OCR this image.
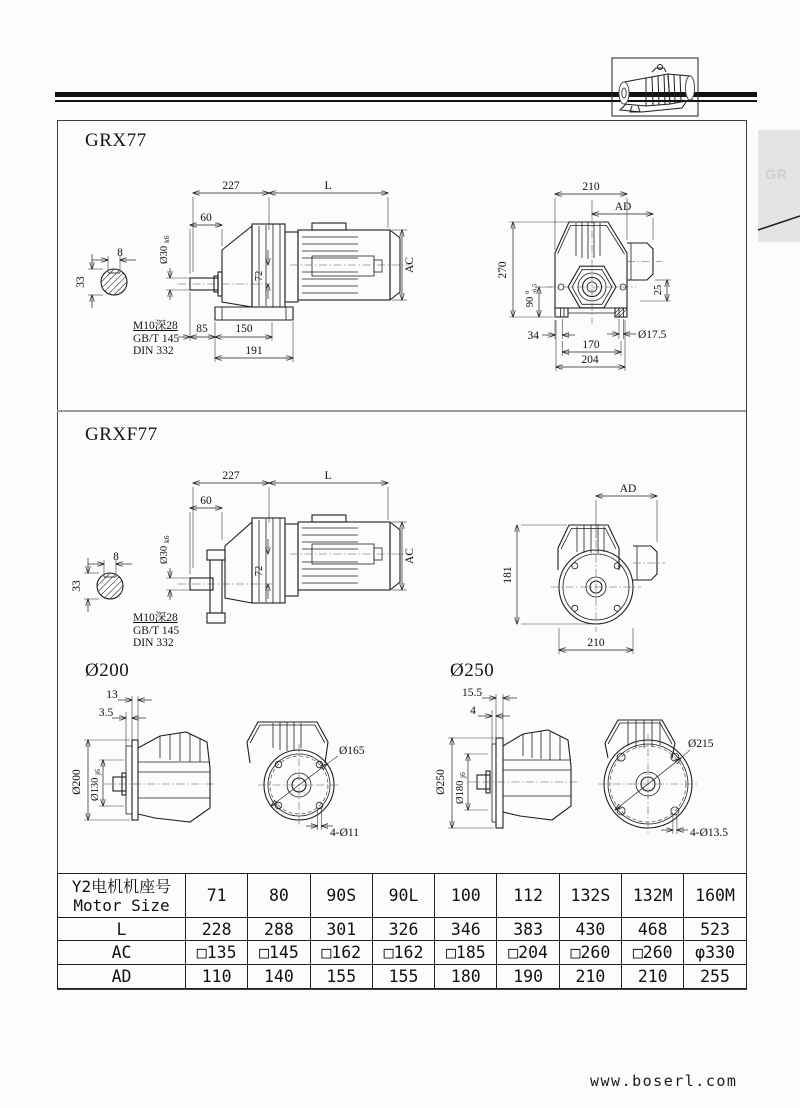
GR
GRX77
8
33
227	L
60
Ø30
k6
72
AC
85 150
191
M10深28
GB/T 145
DIN 332
210
AD
270
90
0 -0.5	25
34	Ø17.5
170
204
GRXF77
8
33
227	L
60
Ø30
k6
72
AC
M10深28
GB/T 145
DIN 332
AD
181
210
Ø200
13
3.5
Ø200 Ø130
j6
Ø165
4-Ø11
Ø250
15.5
4
Ø250 Ø180
j6
Ø215
4-Ø13.5
Y2电机机座号
Motor Size	71	80	90S	90L	100	112	132S	132M	160M
L	228	288	301	326	346	383	430	468	523
AC	□135	□145	□162	□162	□185	□204	□260	□260	φ330
AD	110	140	155	155	180	190	210	210	255
www.boserl.com
